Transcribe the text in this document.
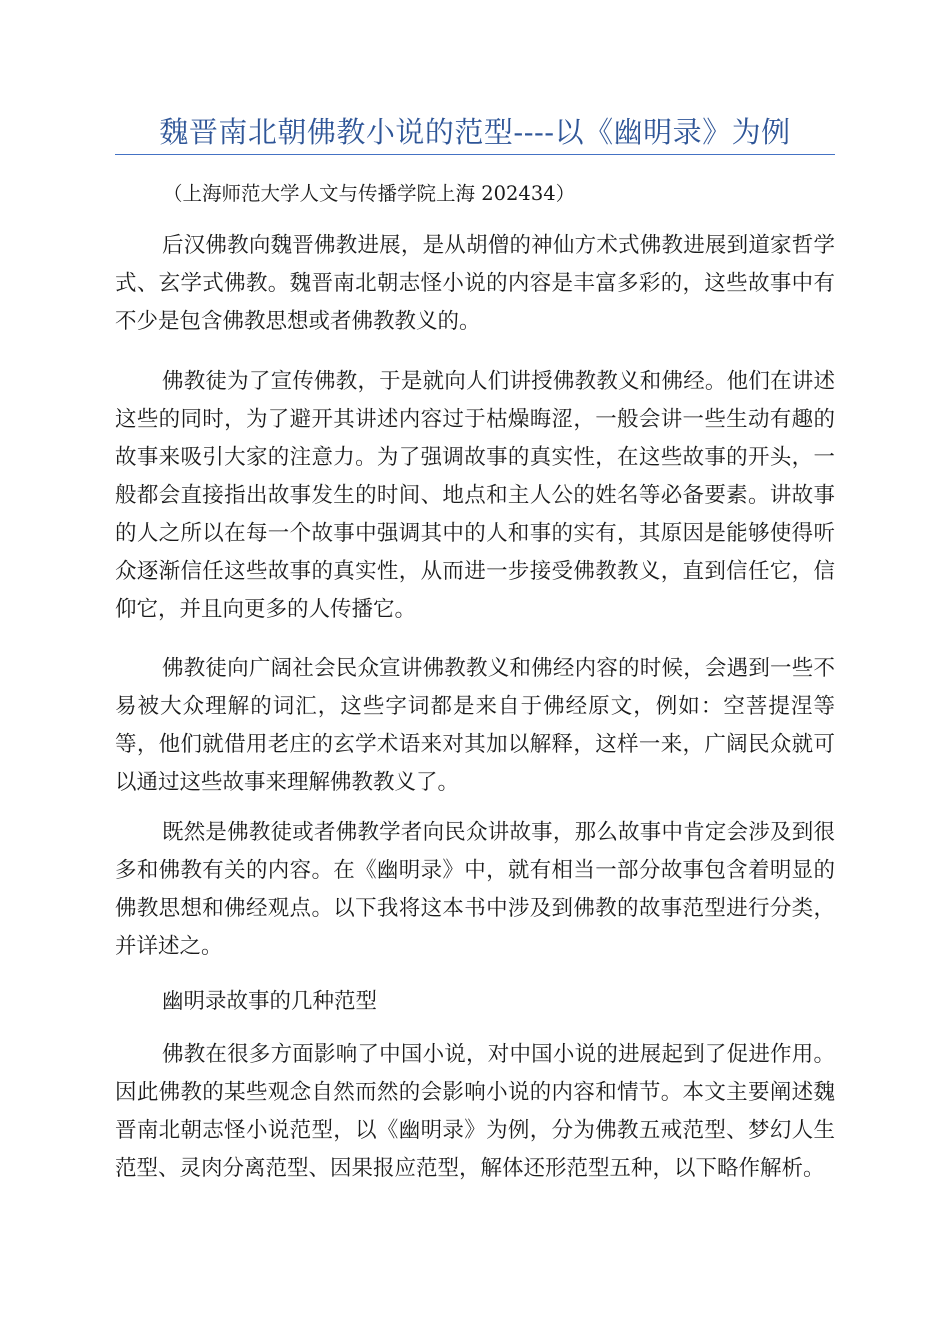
魏晋南北朝佛教小说的范型----以《幽明录》为例
（上海师范大学人文与传播学院上海 202434）

后汉佛教向魏晋佛教进展，是从胡僧的神仙方术式佛教进展到道家哲学式、玄学式佛教。魏晋南北朝志怪小说的内容是丰富多彩的，这些故事中有不少是包含佛教思想或者佛教教义的。

佛教徒为了宣传佛教，于是就向人们讲授佛教教义和佛经。他们在讲述这些的同时，为了避开其讲述内容过于枯燥晦涩，一般会讲一些生动有趣的故事来吸引大家的注意力。为了强调故事的真实性，在这些故事的开头，一般都会直接指出故事发生的时间、地点和主人公的姓名等必备要素。讲故事的人之所以在每一个故事中强调其中的人和事的实有，其原因是能够使得听众逐渐信任这些故事的真实性，从而进一步接受佛教教义，直到信任它，信仰它，并且向更多的人传播它。

佛教徒向广阔社会民众宣讲佛教教义和佛经内容的时候，会遇到一些不易被大众理解的词汇，这些字词都是来自于佛经原文，例如：空菩提涅等等，他们就借用老庄的玄学术语来对其加以解释，这样一来，广阔民众就可以通过这些故事来理解佛教教义了。

既然是佛教徒或者佛教学者向民众讲故事，那么故事中肯定会涉及到很多和佛教有关的内容。在《幽明录》中，就有相当一部分故事包含着明显的佛教思想和佛经观点。以下我将这本书中涉及到佛教的故事范型进行分类，并详述之。

幽明录故事的几种范型

佛教在很多方面影响了中国小说，对中国小说的进展起到了促进作用。因此佛教的某些观念自然而然的会影响小说的内容和情节。本文主要阐述魏晋南北朝志怪小说范型，以《幽明录》为例，分为佛教五戒范型、梦幻人生范型、灵肉分离范型、因果报应范型，解体还形范型五种，以下略作解析。
